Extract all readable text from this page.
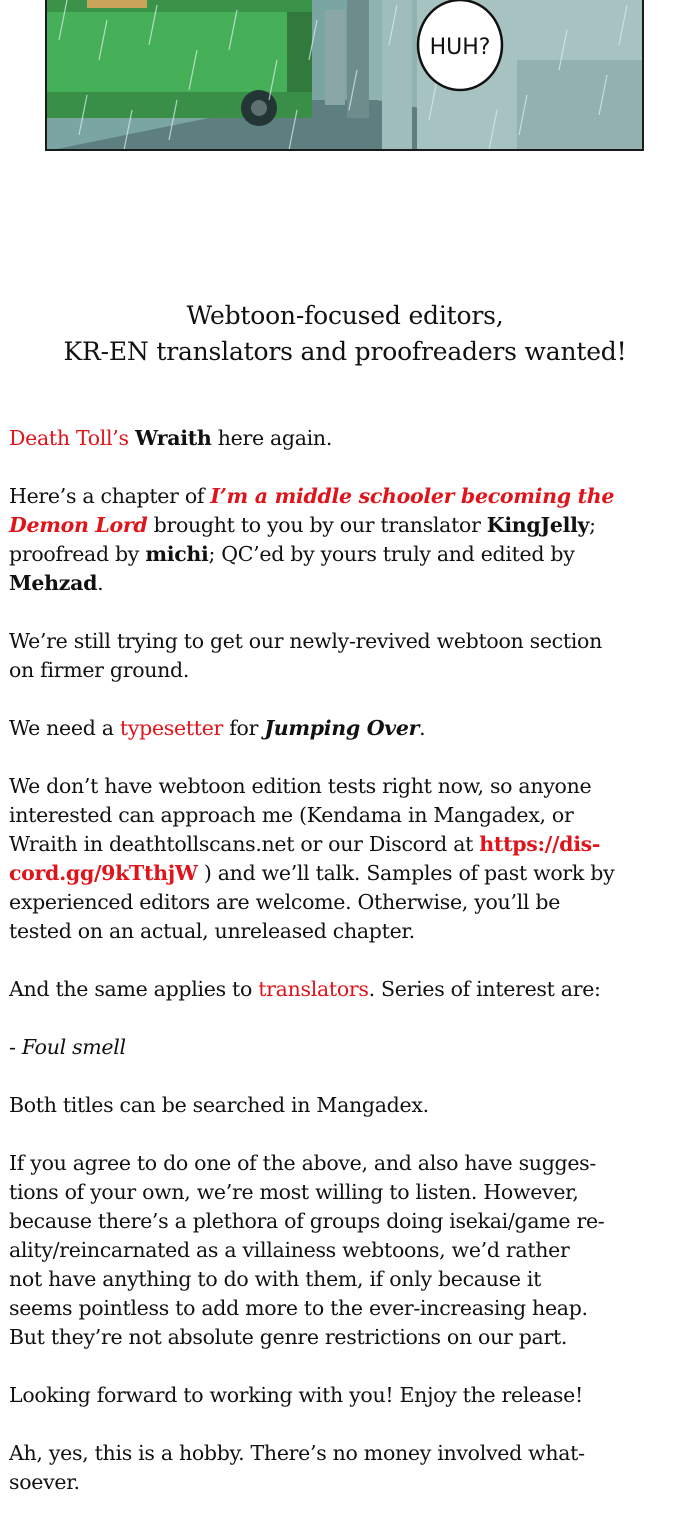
HUH?
Webtoon-focused editors,
KR-EN translators and proofreaders wanted!

Death Toll’s Wraith here again.

Here’s a chapter of I’m a middle schooler becoming the
Demon Lord brought to you by our translator KingJelly;
proofread by michi; QC’ed by yours truly and edited by
Mehzad.

We’re still trying to get our newly-revived webtoon section
on firmer ground.

We need a typesetter for Jumping Over.

We don’t have webtoon edition tests right now, so anyone
interested can approach me (Kendama in Mangadex, or
Wraith in deathtollscans.net or our Discord at https://dis-
cord.gg/9kTthjW ) and we’ll talk. Samples of past work by
experienced editors are welcome. Otherwise, you’ll be
tested on an actual, unreleased chapter.

And the same applies to translators. Series of interest are:

- Foul smell

Both titles can be searched in Mangadex.

If you agree to do one of the above, and also have sugges-
tions of your own, we’re most willing to listen. However,
because there’s a plethora of groups doing isekai/game re-
ality/reincarnated as a villainess webtoons, we’d rather
not have anything to do with them, if only because it
seems pointless to add more to the ever-increasing heap.
But they’re not absolute genre restrictions on our part.

Looking forward to working with you! Enjoy the release!

Ah, yes, this is a hobby. There’s no money involved what-
soever.
